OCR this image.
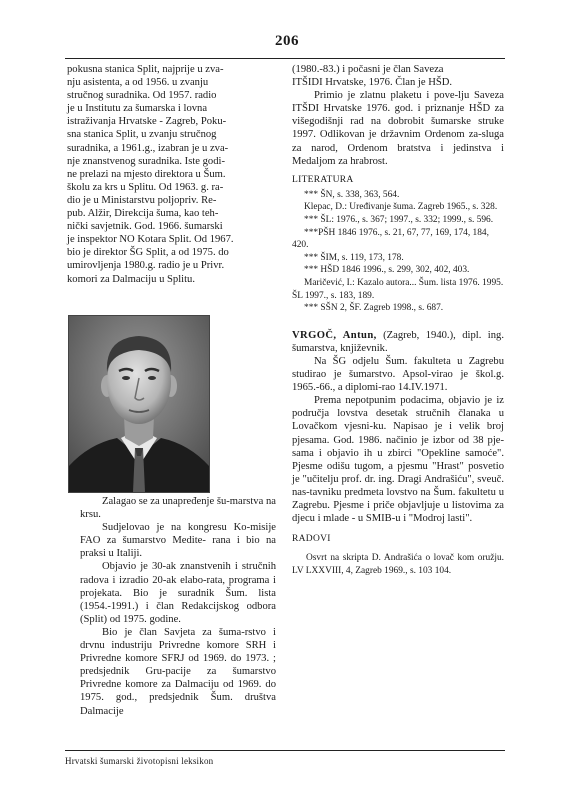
206

pokusna stanica Split, najprije u zva-

nju asistenta, a od 1956. u zvanju

stručnog suradnika. Od 1957. radio

je u Institutu za šumarska i lovna

istraživanja Hrvatske - Zagreb, Poku-

sna stanica Split, u zvanju stručnog

suradnika, a 1961.g., izabran je u zva-

nje znanstvenog suradnika. Iste godi-

ne prelazi na mjesto direktora u Šum.

školu za krs u Splitu. Od 1963. g. ra-

dio je u Ministarstvu poljopriv. Re-

pub. Alžir, Direkcija šuma, kao teh-

nički savjetnik. God. 1966. šumarski

je inspektor NO Kotara Split. Od 1967.

bio je direktor ŠG Split, a od 1975. do

umirovljenja 1980.g. radio je u Privr.

komori za Dalmaciju u Splitu.

Zalagao se za unapređenje šu-marstva na krsu.

Sudjelovao je na kongresu Ko-misije FAO za šumarstvo Medite- rana i bio na praksi u Italiji.

Objavio je 30-ak znanstvenih i stručnih radova i izradio 20-ak elabo-rata, programa i projekata. Bio je suradnik Šum. lista (1954.-1991.) i član Redakcijskog odbora (Split) od 1975. godine.

Bio je član Savjeta za šuma-rstvo i drvnu industriju Privredne komore SRH i Privredne komore SFRJ od 1969. do 1973. ; predsjednik Gru-pacije za šumarstvo Privredne komore za Dalmaciju od 1969. do 1975. god., predsjednik Šum. društva Dalmacije

(1980.-83.) i počasni je član Saveza

ITŠIDI Hrvatske, 1976. Član je HŠD.

Primio je zlatnu plaketu i pove-lju Saveza ITŠDI Hrvatske 1976. god. i priznanje HŠD za višegodišnji rad na dobrobit šumarske struke 1997. Odlikovan je državnim Ordenom za-sluga za narod, Ordenom bratstva i jedinstva i Medaljom za hrabrost.

LITERATURA

*** ŠN, s. 338, 363, 564.

Klepac, D.: Uređivanje šuma. Zagreb 1965., s. 328.

*** ŠL: 1976., s. 367; 1997., s. 332; 1999., s. 596.

***PŠH 1846 1976., s. 21, 67, 77, 169, 174, 184, 420.

*** ŠIM, s. 119, 173, 178.

*** HŠD 1846 1996., s. 299, 302, 402, 403.

Maričević, I.: Kazalo autora... Šum. lista 1976. 1995. ŠL 1997., s. 183, 189.

*** SŠN 2, ŠF. Zagreb 1998., s. 687.

VRGOČ, Antun, (Zagreb, 1940.), dipl. ing. šumarstva, književnik.

Na ŠG odjelu Šum. fakulteta u Zagrebu studirao je šumarstvo. Apsol-virao je škol.g. 1965.-66., a diplomi-rao 14.IV.1971.

Prema nepotpunim podacima, objavio je iz područja lovstva desetak stručnih članaka u Lovačkom vjesni-ku. Napisao je i velik broj pjesama. God. 1986. načinio je izbor od 38 pje-sama i objavio ih u zbirci "Opekline samoće". Pjesme odišu tugom, a pjesmu "Hrast" posvetio je "učitelju prof. dr. ing. Dragi Andrašiću", sveuč. nas-tavniku predmeta lovstvo na Šum. fakultetu u Zagrebu. Pjesme i priče objavljuje u listovima za djecu i mlade - u SMIB-u i "Modroj lasti".

RADOVI

Osvrt na skripta D. Andrašića o lovač kom oružju. LV LXXVIII, 4, Zagreb 1969., s. 103 104.

Hrvatski šumarski životopisni leksikon
